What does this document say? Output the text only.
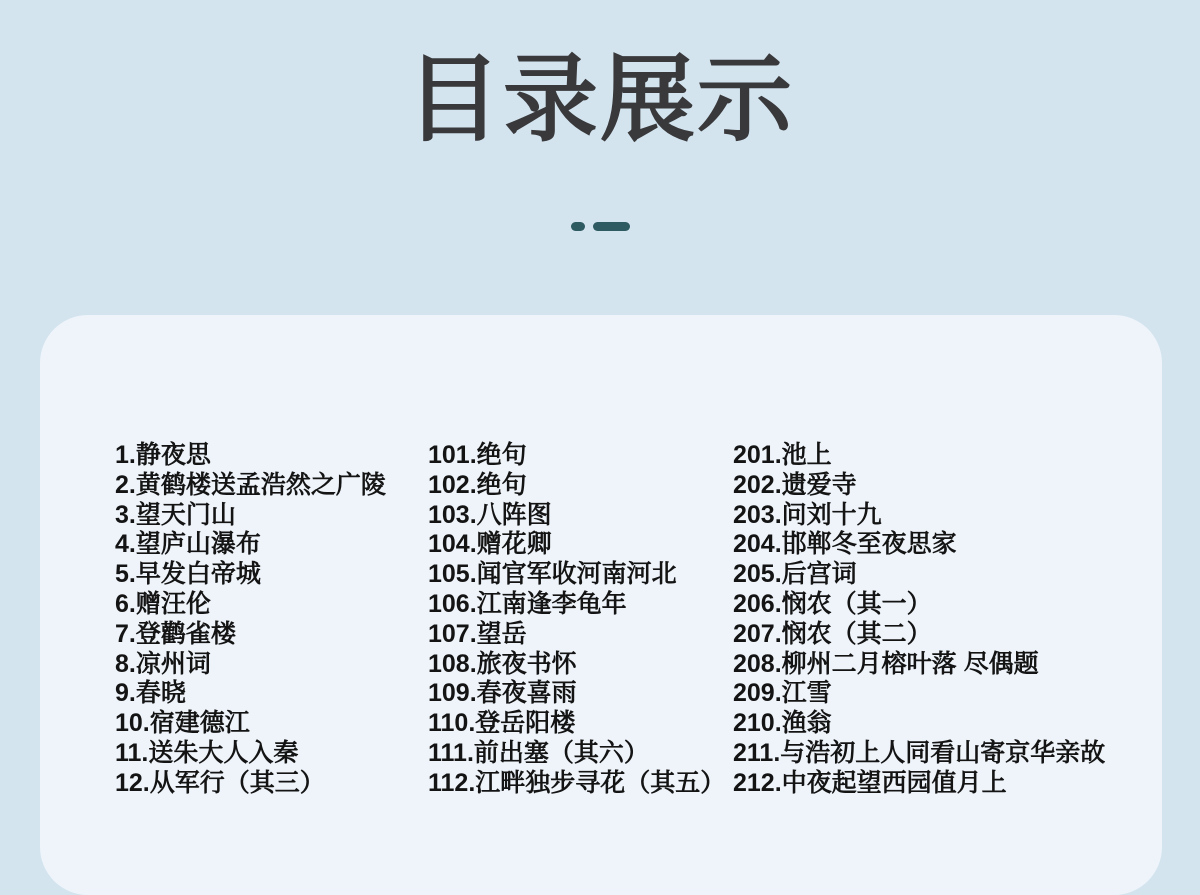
目录展示
1.静夜思
2.黄鹤楼送孟浩然之广陵
3.望天门山
4.望庐山瀑布
5.早发白帝城
6.赠汪伦
7.登鹳雀楼
8.凉州词
9.春晓
10.宿建德江
11.送朱大人入秦
12.从军行（其三）
101.绝句
102.绝句
103.八阵图
104.赠花卿
105.闻官军收河南河北
106.江南逢李龟年
107.望岳
108.旅夜书怀
109.春夜喜雨
110.登岳阳楼
111.前出塞（其六）
112.江畔独步寻花（其五）
201.池上
202.遗爱寺
203.问刘十九
204.邯郸冬至夜思家
205.后宫词
206.悯农（其一）
207.悯农（其二）
208.柳州二月榕叶落 尽偶题
209.江雪
210.渔翁
211.与浩初上人同看山寄京华亲故
212.中夜起望西园值月上
